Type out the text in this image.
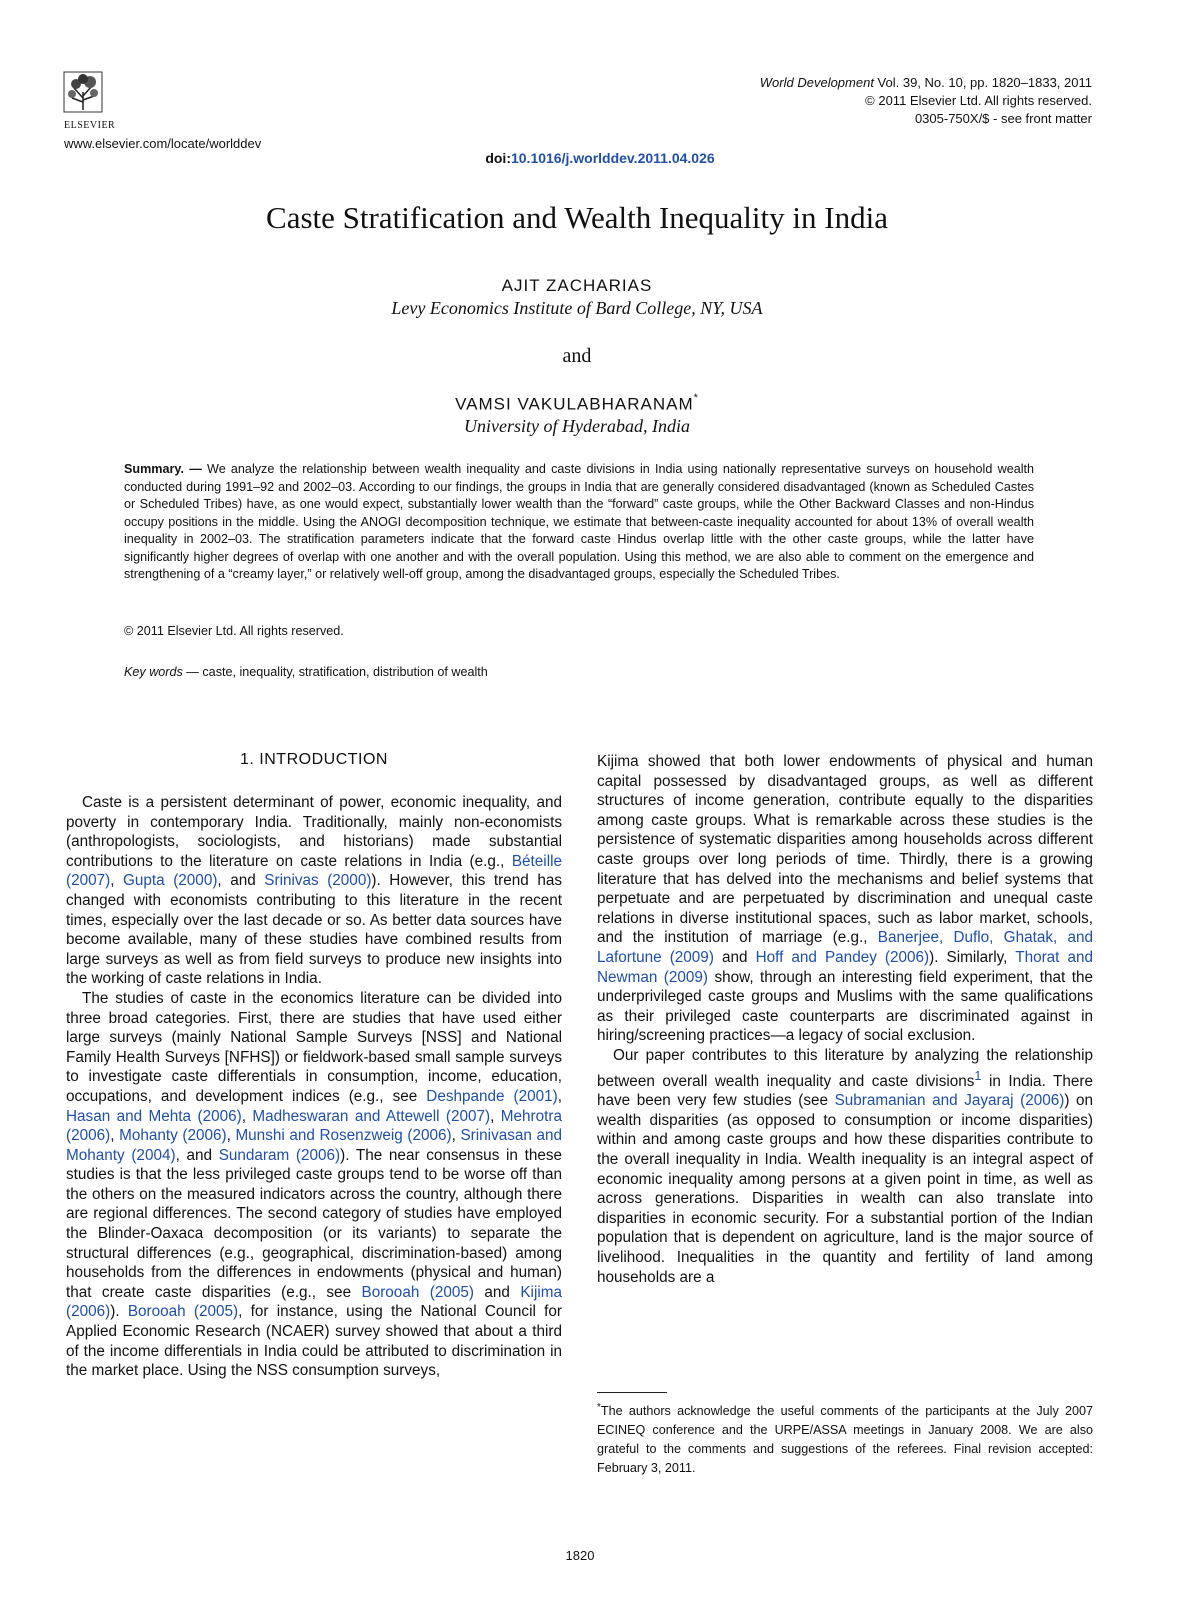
ELSEVIER
www.elsevier.com/locate/worlddev
World Development Vol. 39, No. 10, pp. 1820–1833, 2011
© 2011 Elsevier Ltd. All rights reserved.
0305-750X/$ - see front matter
doi:10.1016/j.worlddev.2011.04.026
Caste Stratification and Wealth Inequality in India
AJIT ZACHARIAS
Levy Economics Institute of Bard College, NY, USA
and
VAMSI VAKULABHARANAM*
University of Hyderabad, India
Summary. — We analyze the relationship between wealth inequality and caste divisions in India using nationally representative surveys on household wealth conducted during 1991–92 and 2002–03. According to our findings, the groups in India that are generally considered disadvantaged (known as Scheduled Castes or Scheduled Tribes) have, as one would expect, substantially lower wealth than the “forward” caste groups, while the Other Backward Classes and non-Hindus occupy positions in the middle. Using the ANOGI decomposition technique, we estimate that between-caste inequality accounted for about 13% of overall wealth inequality in 2002–03. The stratification parameters indicate that the forward caste Hindus overlap little with the other caste groups, while the latter have significantly higher degrees of overlap with one another and with the overall population. Using this method, we are also able to comment on the emergence and strengthening of a “creamy layer,” or relatively well-off group, among the disadvantaged groups, especially the Scheduled Tribes.
© 2011 Elsevier Ltd. All rights reserved.
Key words — caste, inequality, stratification, distribution of wealth
1. INTRODUCTION

Caste is a persistent determinant of power, economic inequality, and poverty in contemporary India. Traditionally, mainly non-economists (anthropologists, sociologists, and historians) made substantial contributions to the literature on caste relations in India (e.g., Béteille (2007), Gupta (2000), and Srinivas (2000)). However, this trend has changed with economists contributing to this literature in the recent times, especially over the last decade or so. As better data sources have become available, many of these studies have combined results from large surveys as well as from field surveys to produce new insights into the working of caste relations in India.

The studies of caste in the economics literature can be divided into three broad categories. First, there are studies that have used either large surveys (mainly National Sample Surveys [NSS] and National Family Health Surveys [NFHS]) or fieldwork-based small sample surveys to investigate caste differentials in consumption, income, education, occupations, and development indices (e.g., see Deshpande (2001), Hasan and Mehta (2006), Madheswaran and Attewell (2007), Mehrotra (2006), Mohanty (2006), Munshi and Rosenzweig (2006), Srinivasan and Mohanty (2004), and Sundaram (2006)). The near consensus in these studies is that the less privileged caste groups tend to be worse off than the others on the measured indicators across the country, although there are regional differences. The second category of studies have employed the Blinder-Oaxaca decomposition (or its variants) to separate the structural differences (e.g., geographical, discrimination-based) among households from the differences in endowments (physical and human) that create caste disparities (e.g., see Borooah (2005) and Kijima (2006)). Borooah (2005), for instance, using the National Council for Applied Economic Research (NCAER) survey showed that about a third of the income differentials in India could be attributed to discrimination in the market place. Using the NSS consumption surveys,

Kijima showed that both lower endowments of physical and human capital possessed by disadvantaged groups, as well as different structures of income generation, contribute equally to the disparities among caste groups. What is remarkable across these studies is the persistence of systematic disparities among households across different caste groups over long periods of time. Thirdly, there is a growing literature that has delved into the mechanisms and belief systems that perpetuate and are perpetuated by discrimination and unequal caste relations in diverse institutional spaces, such as labor market, schools, and the institution of marriage (e.g., Banerjee, Duflo, Ghatak, and Lafortune (2009) and Hoff and Pandey (2006)). Similarly, Thorat and Newman (2009) show, through an interesting field experiment, that the underprivileged caste groups and Muslims with the same qualifications as their privileged caste counterparts are discriminated against in hiring/screening practices—a legacy of social exclusion.

Our paper contributes to this literature by analyzing the relationship between overall wealth inequality and caste divisions$^1$ in India. There have been very few studies (see Subramanian and Jayaraj (2006)) on wealth disparities (as opposed to consumption or income disparities) within and among caste groups and how these disparities contribute to the overall inequality in India. Wealth inequality is an integral aspect of economic inequality among persons at a given point in time, as well as across generations. Disparities in wealth can also translate into disparities in economic security. For a substantial portion of the Indian population that is dependent on agriculture, land is the major source of livelihood. Inequalities in the quantity and fertility of land among households are a

*The authors acknowledge the useful comments of the participants at the July 2007 ECINEQ conference and the URPE/ASSA meetings in January 2008. We are also grateful to the comments and suggestions of the referees. Final revision accepted: February 3, 2011.
1820
